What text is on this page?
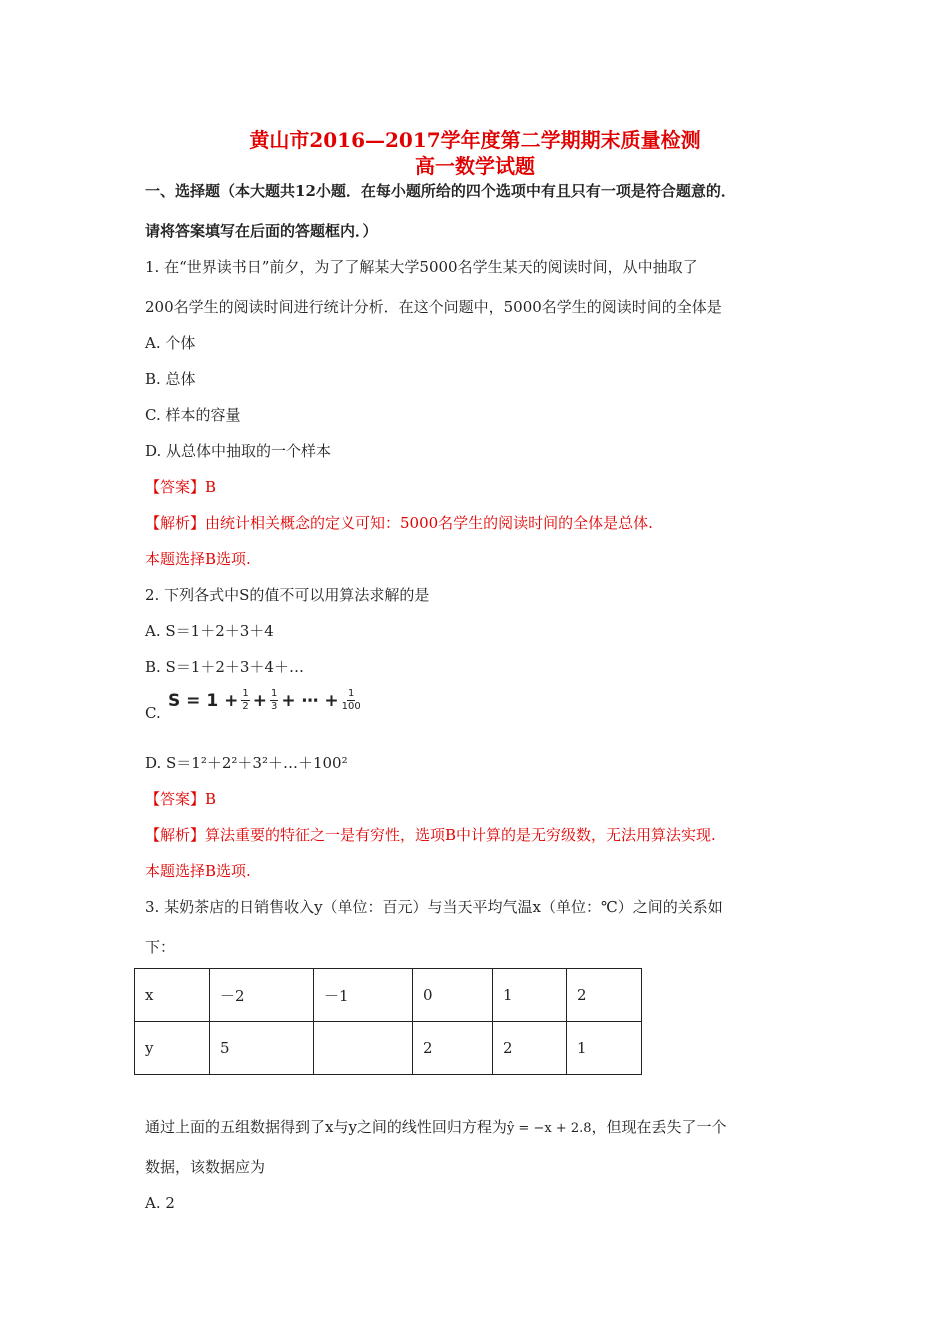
黄山市2016—2017学年度第二学期期末质量检测
高一数学试题
一、选择题（本大题共12小题．在每小题所给的四个选项中有且只有一项是符合题意的．
请将答案填写在后面的答题框内．）
1. 在“世界读书日”前夕，为了了解某大学5000名学生某天的阅读时间，从中抽取了
200名学生的阅读时间进行统计分析．在这个问题中，5000名学生的阅读时间的全体是
A. 个体
B. 总体
C. 样本的容量
D. 从总体中抽取的一个样本
【答案】B
【解析】由统计相关概念的定义可知：5000名学生的阅读时间的全体是总体.
本题选择B选项.
2. 下列各式中S的值不可以用算法求解的是
A. S＝1＋2＋3＋4
B. S＝1＋2＋3＋4＋…
C.
$S = 1 + \frac{1}{2} + \frac{1}{3}$ + ⋯ + $\frac{1}{100}$
D. S＝1²＋2²＋3²＋…＋100²
【答案】B
【解析】算法重要的特征之一是有穷性，选项B中计算的是无穷级数，无法用算法实现.
本题选择B选项.
3. 某奶茶店的日销售收入y（单位：百元）与当天平均气温x（单位：℃）之间的关系如
下：
x	－2	－1	0	1	2
y	5		2	2	1
通过上面的五组数据得到了x与y之间的线性回归方程为ŷ = −x + 2.8，但现在丢失了一个
数据，该数据应为
A. 2
